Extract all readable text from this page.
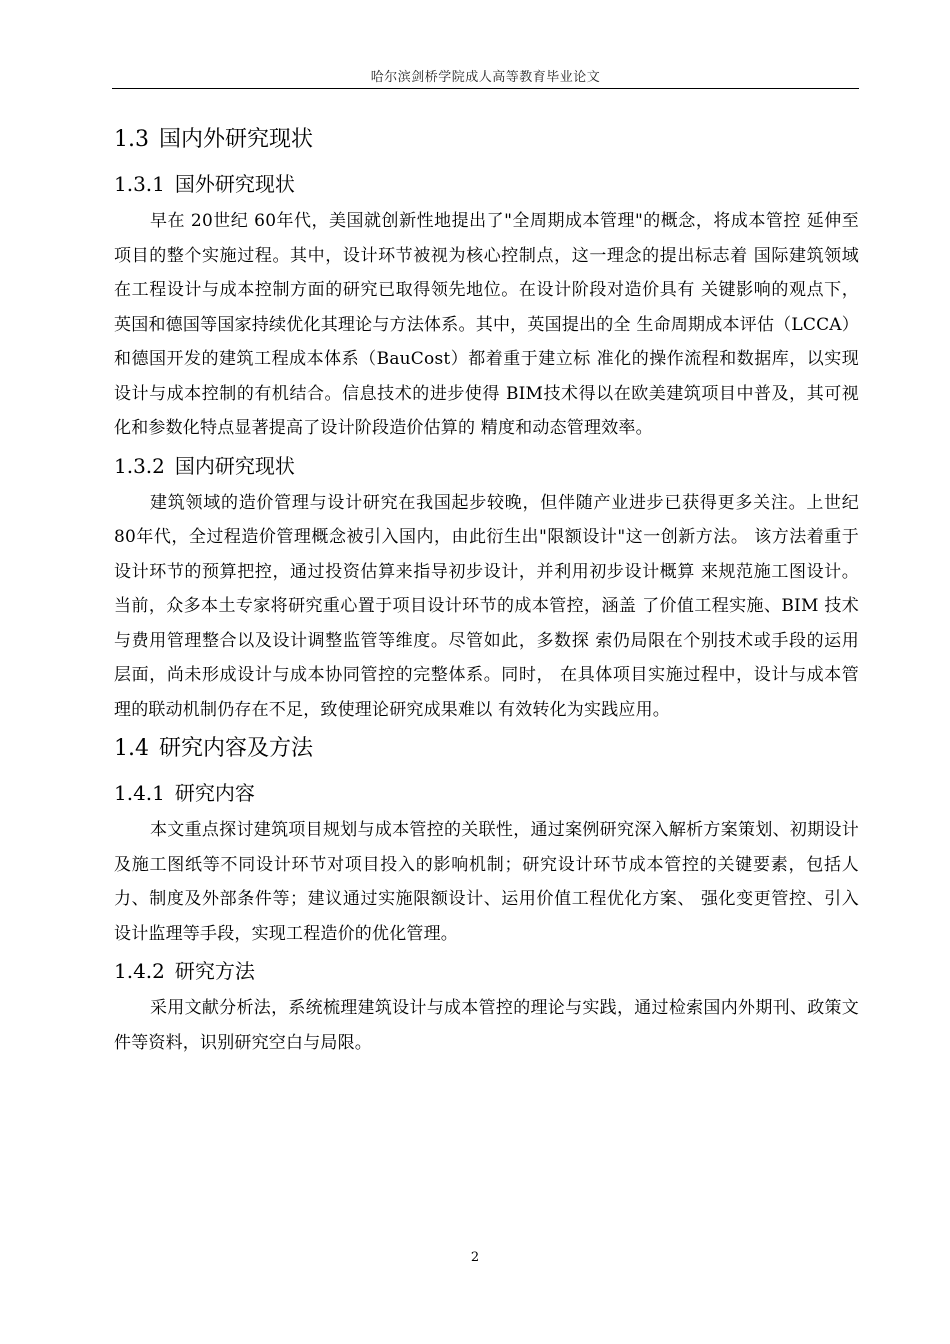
哈尔滨剑桥学院成人高等教育毕业论文
1.3 国内外研究现状
1.3.1 国外研究现状

早在 20世纪 60年代，美国就创新性地提出了"全周期成本管理"的概念，将成本管控 延伸至项目的整个实施过程。其中，设计环节被视为核心控制点，这一理念的提出标志着 国际建筑领域在工程设计与成本控制方面的研究已取得领先地位。在设计阶段对造价具有 关键影响的观点下，英国和德国等国家持续优化其理论与方法体系。其中，英国提出的全 生命周期成本评估（LCCA）和德国开发的建筑工程成本体系（BauCost）都着重于建立标 准化的操作流程和数据库，以实现设计与成本控制的有机结合。信息技术的进步使得 BIM技术得以在欧美建筑项目中普及，其可视化和参数化特点显著提高了设计阶段造价估算的 精度和动态管理效率。

1.3.2 国内研究现状

建筑领域的造价管理与设计研究在我国起步较晚，但伴随产业进步已获得更多关注。上世纪 80年代，全过程造价管理概念被引入国内，由此衍生出"限额设计"这一创新方法。 该方法着重于设计环节的预算把控，通过投资估算来指导初步设计，并利用初步设计概算 来规范施工图设计。当前，众多本土专家将研究重心置于项目设计环节的成本管控，涵盖 了价值工程实施、BIM 技术与费用管理整合以及设计调整监管等维度。尽管如此，多数探 索仍局限在个别技术或手段的运用层面，尚未形成设计与成本协同管控的完整体系。同时， 在具体项目实施过程中，设计与成本管理的联动机制仍存在不足，致使理论研究成果难以 有效转化为实践应用。

1.4 研究内容及方法
1.4.1 研究内容

本文重点探讨建筑项目规划与成本管控的关联性，通过案例研究深入解析方案策划、初期设计及施工图纸等不同设计环节对项目投入的影响机制；研究设计环节成本管控的关键要素，包括人力、制度及外部条件等；建议通过实施限额设计、运用价值工程优化方案、 强化变更管控、引入设计监理等手段，实现工程造价的优化管理。

1.4.2 研究方法

采用文献分析法，系统梳理建筑设计与成本管控的理论与实践，通过检索国内外期刊、政策文件等资料，识别研究空白与局限。

2
